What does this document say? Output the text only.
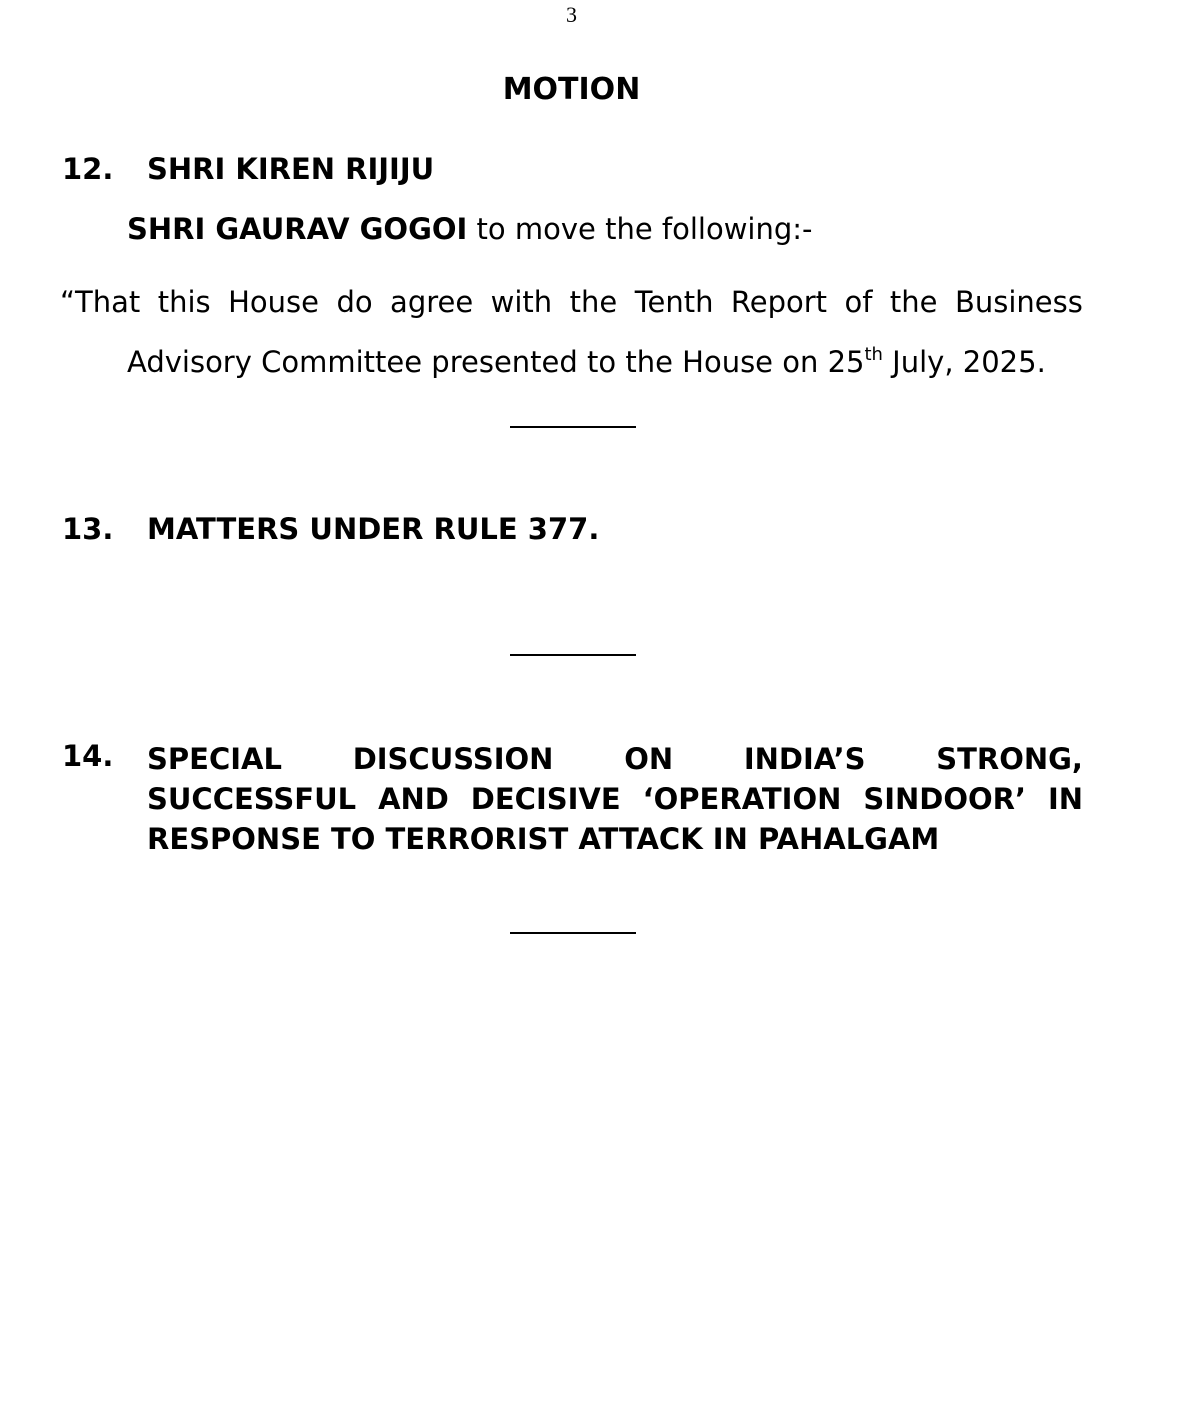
3
MOTION
12. SHRI KIREN RIJIJU
SHRI GAURAV GOGOI to move the following:-
“That this House do agree with the Tenth Report of the Business
Advisory Committee presented to the House on 25th July, 2025.
13. MATTERS UNDER RULE 377.
14. SPECIAL DISCUSSION ON INDIA’S STRONG,
SUCCESSFUL AND DECISIVE ‘OPERATION SINDOOR’ IN
RESPONSE TO TERRORIST ATTACK IN PAHALGAM
